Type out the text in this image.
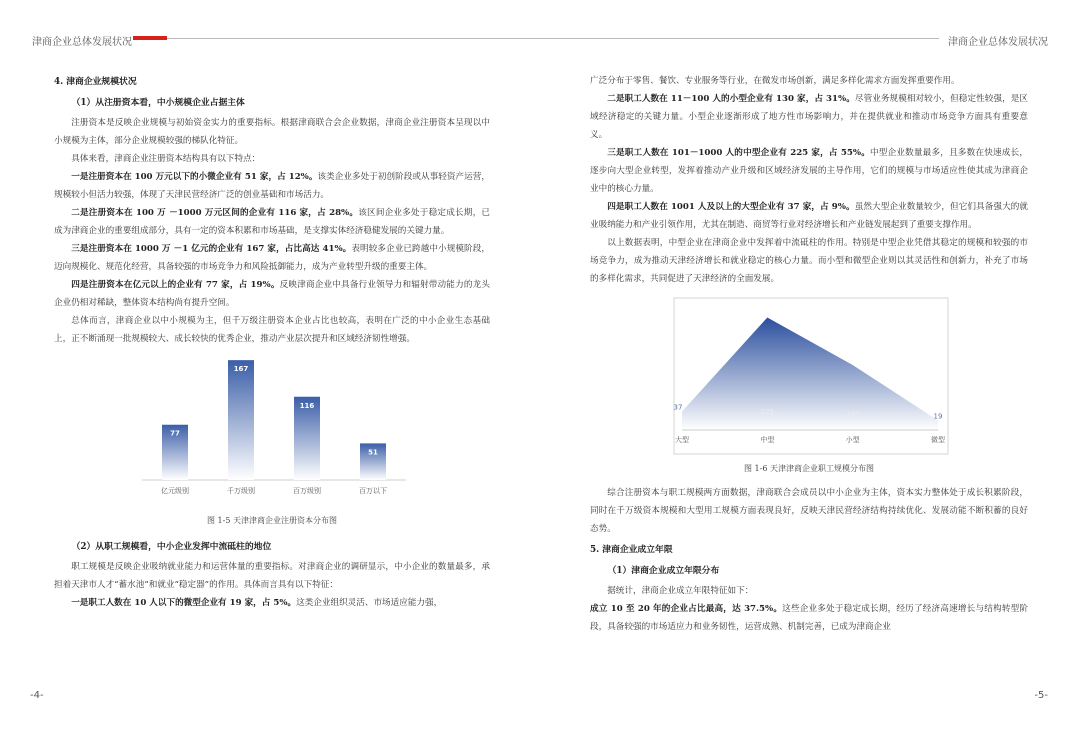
津商企业总体发展状况	津商企业总体发展状况
4. 津商企业规模状况
（1）从注册资本看，中小规模企业占据主体

注册资本是反映企业规模与初始资金实力的重要指标。根据津商联合会企业数据，津商企业注册资本呈现以中小规模为主体，部分企业规模较强的梯队化特征。

具体来看，津商企业注册资本结构具有以下特点：

一是注册资本在 100 万元以下的小微企业有 51 家，占 12%。该类企业多处于初创阶段或从事轻资产运营，规模较小但活力较强，体现了天津民营经济广泛的创业基础和市场活力。

二是注册资本在 100 万 －1000 万元区间的企业有 116 家，占 28%。该区间企业多处于稳定成长期，已成为津商企业的重要组成部分，具有一定的资本积累和市场基础，是支撑实体经济稳健发展的关键力量。

三是注册资本在 1000 万 －1 亿元的企业有 167 家，占比高达 41%。表明较多企业已跨越中小规模阶段，迈向规模化、规范化经营，具备较强的市场竞争力和风险抵御能力，成为产业转型升级的重要主体。

四是注册资本在亿元以上的企业有 77 家，占 19%。反映津商企业中具备行业领导力和辐射带动能力的龙头企业仍相对稀缺，整体资本结构尚有提升空间。

总体而言，津商企业以中小规模为主，但千万级注册资本企业占比也较高，表明在广泛的中小企业生态基础上，正不断涌现一批规模较大、成长较快的优秀企业，推动产业层次提升和区域经济韧性增强。

77
亿元级别
167
千万级别
116
百万级别
51
百万以下
图 1-5 天津津商企业注册资本分布图
（2）从职工规模看，中小企业发挥中流砥柱的地位

职工规模是反映企业吸纳就业能力和运营体量的重要指标。对津商企业的调研显示，中小企业的数量最多，承担着天津市人才“蓄水池”和就业“稳定器”的作用。具体而言具有以下特征：

一是职工人数在 10 人以下的微型企业有 19 家，占 5%。这类企业组织灵活、市场适应能力强，

广泛分布于零售、餐饮、专业服务等行业，在微发市场创新，满足多样化需求方面发挥重要作用。

二是职工人数在 11－100 人的小型企业有 130 家，占 31%。尽管业务规模相对较小，但稳定性较强，是区域经济稳定的关键力量。小型企业逐渐形成了地方性市场影响力，并在提供就业和推动市场竞争方面具有重要意义。

三是职工人数在 101－1000 人的中型企业有 225 家，占 55%。中型企业数量最多，且多数在快速成长，逐步向大型企业转型，发挥着推动产业升级和区域经济发展的主导作用，它们的规模与市场适应性使其成为津商企业中的核心力量。

四是职工人数在 1001 人及以上的大型企业有 37 家，占 9%。虽然大型企业数量较少，但它们具备强大的就业吸纳能力和产业引领作用，尤其在制造、商贸等行业对经济增长和产业链发展起到了重要支撑作用。

以上数据表明，中型企业在津商企业中发挥着中流砥柱的作用。特别是中型企业凭借其稳定的规模和较强的市场竞争力，成为推动天津经济增长和就业稳定的核心力量。而小型和微型企业则以其灵活性和创新力，补充了市场的多样化需求，共同促进了天津经济的全面发展。

37
大型
225
中型
130
小型
19
微型
图 1-6 天津津商企业职工规模分布图

综合注册资本与职工规模两方面数据，津商联合会成员以中小企业为主体，资本实力整体处于成长积累阶段，同时在千万级资本规模和大型用工规模方面表现良好，反映天津民营经济结构持续优化、发展动能不断积蓄的良好态势。

5. 津商企业成立年限
（1）津商企业成立年限分布

据统计，津商企业成立年限特征如下：

成立 10 至 20 年的企业占比最高，达 37.5%。这些企业多处于稳定成长期，经历了经济高速增长与结构转型阶段，具备较强的市场适应力和业务韧性，运营成熟、机制完善，已成为津商企业

-4-	-5-
